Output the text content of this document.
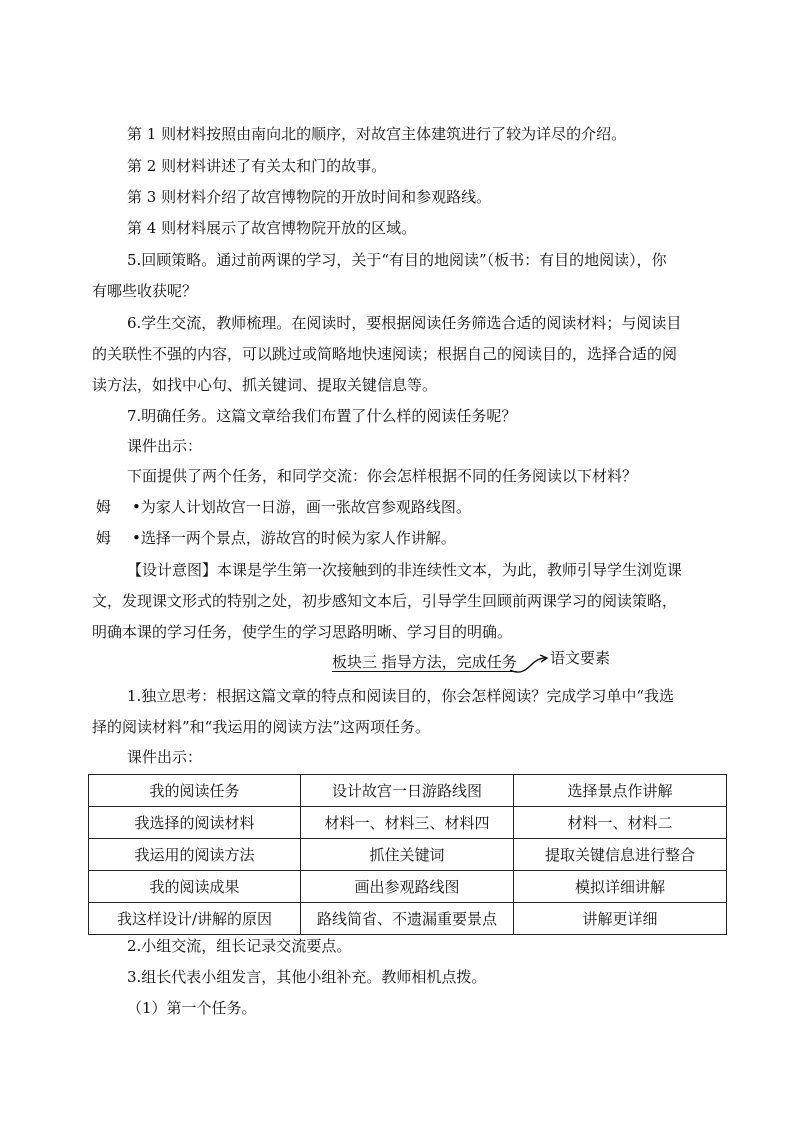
第 1 则材料按照由南向北的顺序，对故宫主体建筑进行了较为详尽的介绍。
第 2 则材料讲述了有关太和门的故事。
第 3 则材料介绍了故宫博物院的开放时间和参观路线。
第 4 则材料展示了故宫博物院开放的区域。
5.回顾策略。通过前两课的学习，关于“有目的地阅读”（板书：有目的地阅读），你
有哪些收获呢？
6.学生交流，教师梳理。在阅读时，要根据阅读任务筛选合适的阅读材料；与阅读目
的关联性不强的内容，可以跳过或简略地快速阅读；根据自己的阅读目的，选择合适的阅
读方法，如找中心句、抓关键词、提取关键信息等。
7.明确任务。这篇文章给我们布置了什么样的阅读任务呢？
课件出示：
下面提供了两个任务，和同学交流：你会怎样根据不同的任务阅读以下材料？
姆 •为家人计划故宫一日游，画一张故宫参观路线图。
姆 •选择一两个景点，游故宫的时候为家人作讲解。
【设计意图】本课是学生第一次接触到的非连续性文本，为此，教师引导学生浏览课
文，发现课文形式的特别之处，初步感知文本后，引导学生回顾前两课学习的阅读策略，
明确本课的学习任务，使学生的学习思路明晰、学习目的明确。
板块三 指导方法，完成任务 语文要素
1.独立思考：根据这篇文章的特点和阅读目的，你会怎样阅读？完成学习单中“我选
择的阅读材料”和“我运用的阅读方法”这两项任务。
课件出示：
我的阅读任务	设计故宫一日游路线图	选择景点作讲解
我选择的阅读材料	材料一、材料三、材料四	材料一、材料二
我运用的阅读方法	抓住关键词	提取关键信息进行整合
我的阅读成果	画出参观路线图	模拟详细讲解
我这样设计/讲解的原因	路线简省、不遗漏重要景点	讲解更详细
2.小组交流，组长记录交流要点。
3.组长代表小组发言，其他小组补充。教师相机点拨。
（1）第一个任务。
